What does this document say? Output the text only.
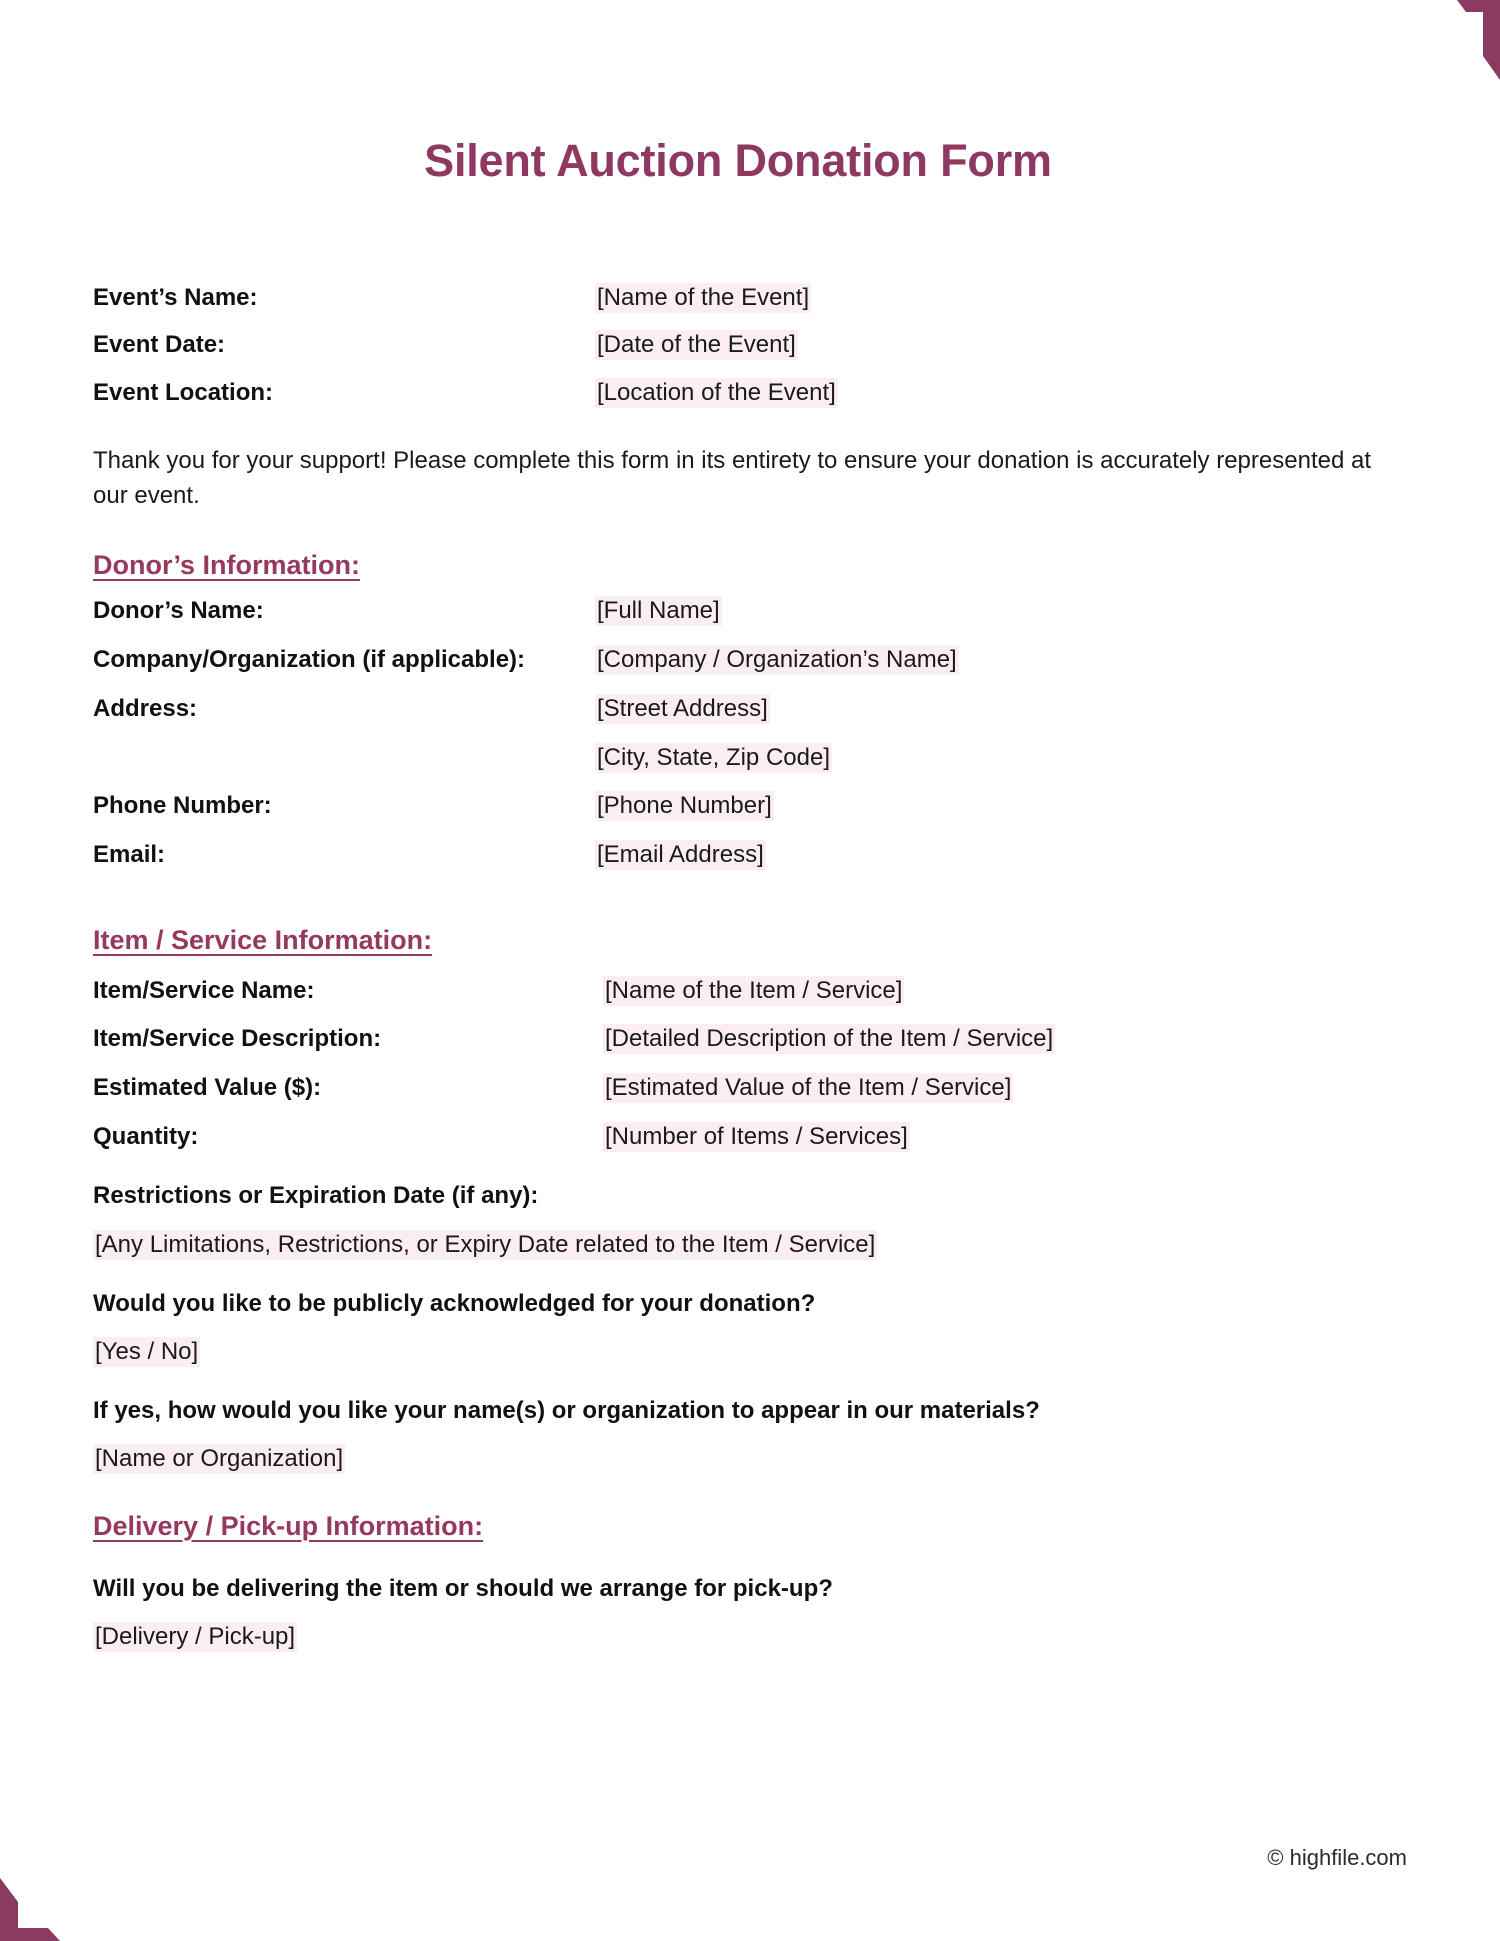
Silent Auction Donation Form
Event’s Name:	[Name of the Event]
Event Date:	[Date of the Event]
Event Location:	[Location of the Event]

Thank you for your support! Please complete this form in its entirety to ensure your donation is accurately represented at our event.

Donor’s Information:
Donor’s Name:	[Full Name]
Company/Organization (if applicable):	[Company / Organization’s Name]
Address:	[Street Address]
[City, State, Zip Code]
Phone Number:	[Phone Number]
Email:	[Email Address]
Item / Service Information:
Item/Service Name:	[Name of the Item / Service]
Item/Service Description:	[Detailed Description of the Item / Service]
Estimated Value ($):	[Estimated Value of the Item / Service]
Quantity:	[Number of Items / Services]

Restrictions or Expiration Date (if any):

[Any Limitations, Restrictions, or Expiry Date related to the Item / Service]

Would you like to be publicly acknowledged for your donation?

[Yes / No]

If yes, how would you like your name(s) or organization to appear in our materials?

[Name or Organization]

Delivery / Pick-up Information:

Will you be delivering the item or should we arrange for pick-up?

[Delivery / Pick-up]

© highfile.com
